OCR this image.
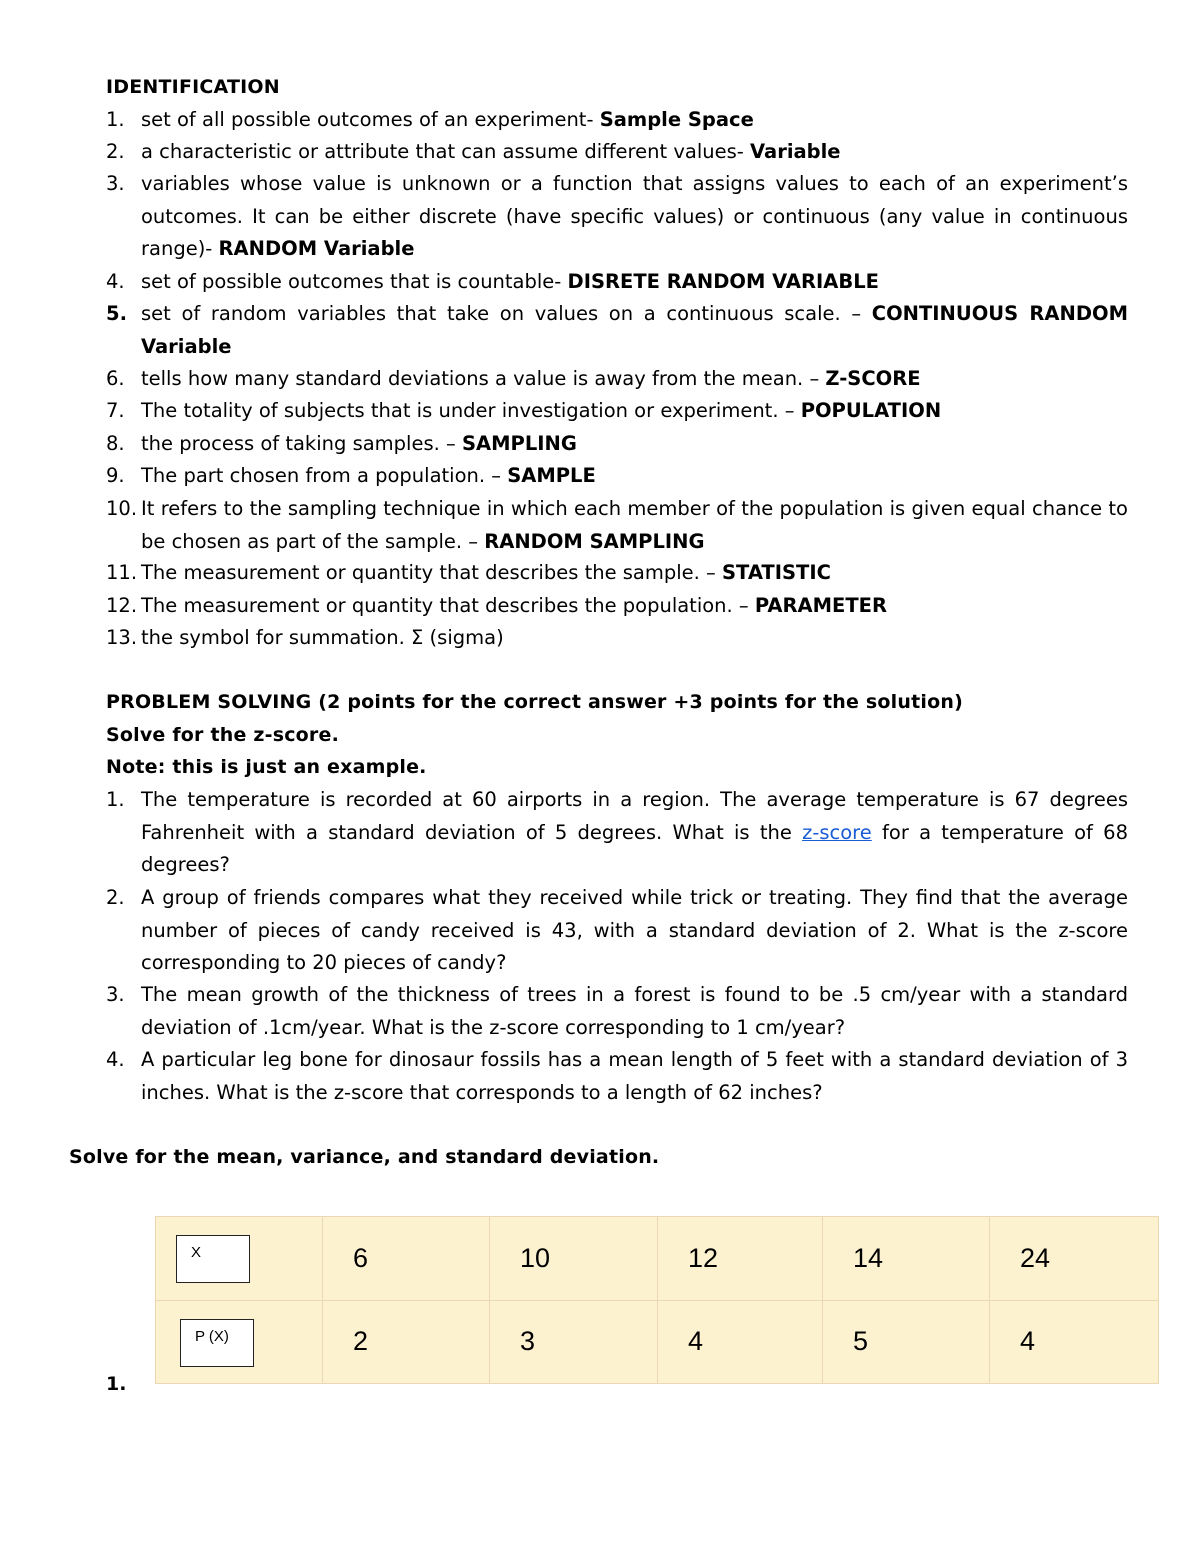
IDENTIFICATION
1. set of all possible outcomes of an experiment- Sample Space
2. a characteristic or attribute that can assume different values- Variable
3. variables whose value is unknown or a function that assigns values to each of an experiment’s outcomes. It can be either discrete (have specific values) or continuous (any value in continuous range)- RANDOM Variable
4. set of possible outcomes that is countable- DISRETE RANDOM VARIABLE
5. set of random variables that take on values on a continuous scale. – CONTINUOUS RANDOM Variable
6. tells how many standard deviations a value is away from the mean. – Z-SCORE
7. The totality of subjects that is under investigation or experiment. – POPULATION
8. the process of taking samples. – SAMPLING
9. The part chosen from a population. – SAMPLE
10. It refers to the sampling technique in which each member of the population is given equal chance to be chosen as part of the sample. – RANDOM SAMPLING
11. The measurement or quantity that describes the sample. – STATISTIC
12. The measurement or quantity that describes the population. – PARAMETER
13. the symbol for summation. Σ (sigma)
PROBLEM SOLVING (2 points for the correct answer +3 points for the solution)
Solve for the z-score.
Note: this is just an example.
1. The temperature is recorded at 60 airports in a region. The average temperature is 67 degrees Fahrenheit with a standard deviation of 5 degrees. What is the z-score for a temperature of 68 degrees?
2. A group of friends compares what they received while trick or treating. They find that the average number of pieces of candy received is 43, with a standard deviation of 2. What is the z-score corresponding to 20 pieces of candy?
3. The mean growth of the thickness of trees in a forest is found to be .5 cm/year with a standard deviation of .1cm/year. What is the z-score corresponding to 1 cm/year?
4. A particular leg bone for dinosaur fossils has a mean length of 5 feet with a standard deviation of 3 inches. What is the z-score that corresponds to a length of 62 inches?
Solve for the mean, variance, and standard deviation.
X	6	10	12	14	24
P (X)	2	3	4	5	4
1.
